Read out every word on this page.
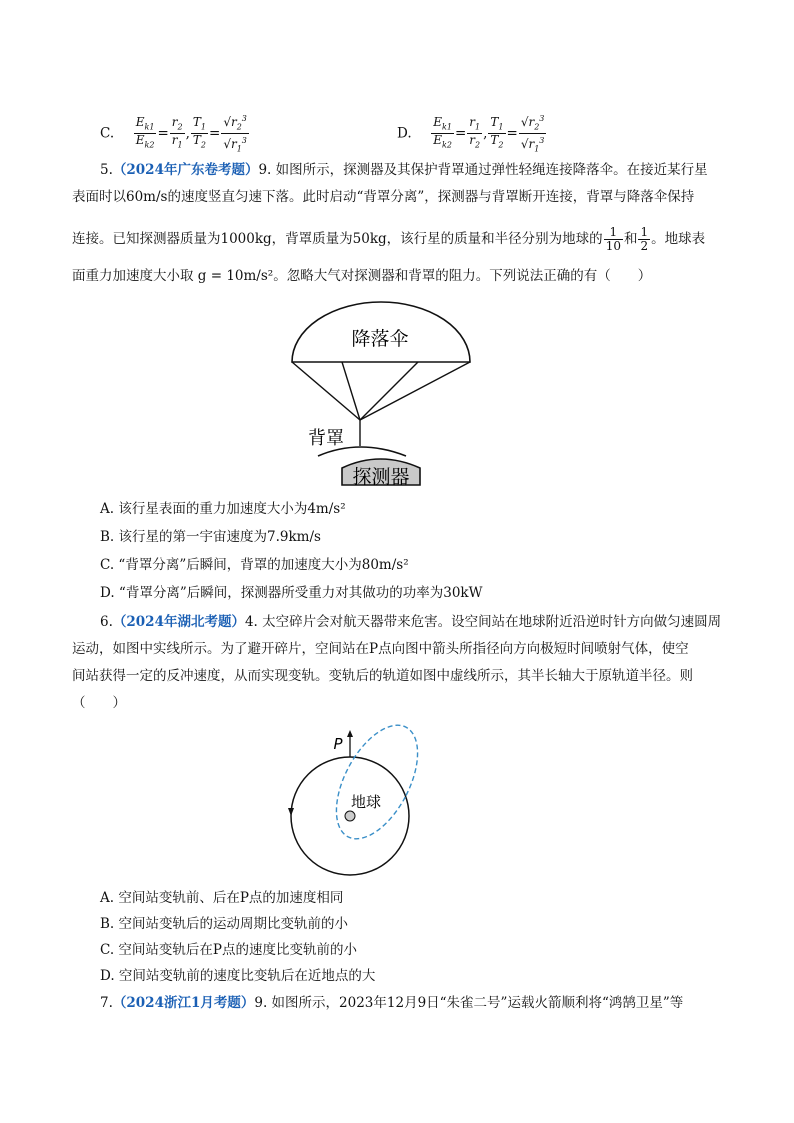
C. $\frac{E_{k1}}{E_{k2}} = \frac{r_2}{r_1}$ , $\frac{T_1}{T_2} = \frac{√r_2^3}{√r_1^3}$	D. $\frac{E_{k1}}{E_{k2}} = \frac{r_1}{r_2}$ , $\frac{T_1}{T_2} = \frac{√r_2^3}{√r_1^3}$
5.（2024年广东卷考题）9. 如图所示，探测器及其保护背罩通过弹性轻绳连接降落伞。在接近某行星
表面时以60m/s的速度竖直匀速下落。此时启动“背罩分离”，探测器与背罩断开连接，背罩与降落伞保持
连接。已知探测器质量为1000kg，背罩质量为50kg，该行星的质量和半径分别为地球的 $\frac{1}{10}$ 和 $\frac{1}{2}$ 。地球表
面重力加速度大小取 g = 10m/s²。忽略大气对探测器和背罩的阻力。下列说法正确的有（　　）
降落伞
背罩
探测器
A. 该行星表面的重力加速度大小为4m/s²
B. 该行星的第一宇宙速度为7.9km/s
C. “背罩分离”后瞬间，背罩的加速度大小为80m/s²
D. “背罩分离”后瞬间，探测器所受重力对其做功的功率为30kW
6.（2024年湖北考题）4. 太空碎片会对航天器带来危害。设空间站在地球附近沿逆时针方向做匀速圆周
运动，如图中实线所示。为了避开碎片，空间站在P点向图中箭头所指径向方向极短时间喷射气体，使空
间站获得一定的反冲速度，从而实现变轨。变轨后的轨道如图中虚线所示，其半长轴大于原轨道半径。则
（　　）
P
地球
A. 空间站变轨前、后在P点的加速度相同
B. 空间站变轨后的运动周期比变轨前的小
C. 空间站变轨后在P点的速度比变轨前的小
D. 空间站变轨前的速度比变轨后在近地点的大
7.（2024浙江1月考题）9. 如图所示，2023年12月9日“朱雀二号”运载火箭顺利将“鸿鹄卫星”等
